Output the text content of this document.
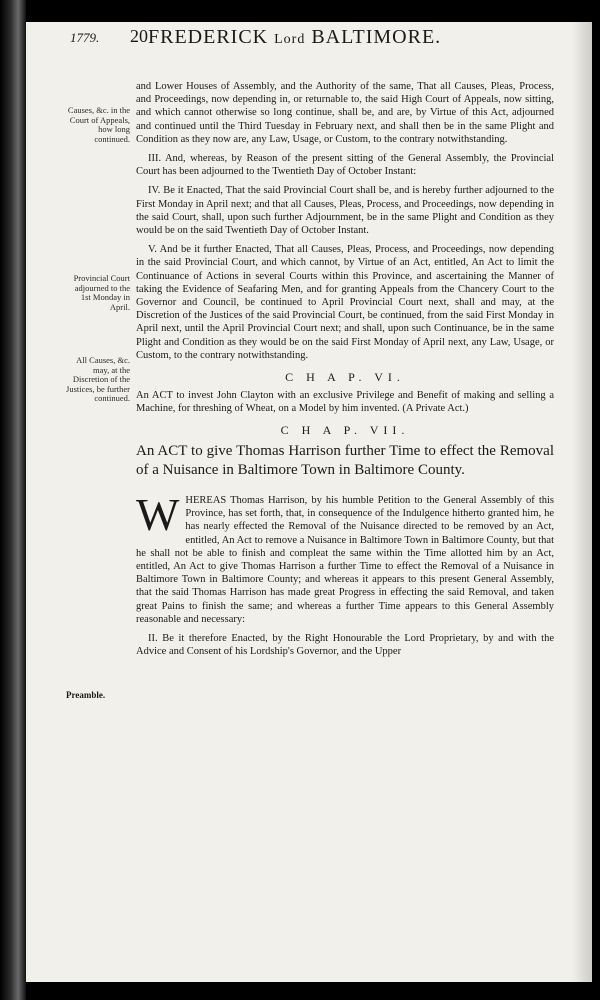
1779. 20 FREDERICK Lord BALTIMORE.
Causes, &c. in the Court of Appeals, how long continued.
Provincial Court adjourned to the 1st Monday in April.
All Causes, &c. may, at the Discretion of the Justices, be further continued.
Preamble.

and Lower Houses of Assembly, and the Authority of the same, That all Causes, Pleas, Process, and Proceedings, now depending in, or returnable to, the said High Court of Appeals, now sitting, and which cannot otherwise so long continue, shall be, and are, by Virtue of this Act, adjourned and continued until the Third Tuesday in February next, and shall then be in the same Plight and Condition as they now are, any Law, Usage, or Custom, to the contrary notwithstanding.

III. And, whereas, by Reason of the present sitting of the General Assembly, the Provincial Court has been adjourned to the Twentieth Day of October Instant:

IV. Be it Enacted, That the said Provincial Court shall be, and is hereby further adjourned to the First Monday in April next; and that all Causes, Pleas, Process, and Proceedings, now depending in the said Court, shall, upon such further Adjournment, be in the same Plight and Condition as they would be on the said Twentieth Day of October Instant.

V. And be it further Enacted, That all Causes, Pleas, Process, and Proceedings, now depending in the said Provincial Court, and which cannot, by Virtue of an Act, entitled, An Act to limit the Continuance of Actions in several Courts within this Province, and ascertaining the Manner of taking the Evidence of Seafaring Men, and for granting Appeals from the Chancery Court to the Governor and Council, be continued to April Provincial Court next, shall and may, at the Discretion of the Justices of the said Provincial Court, be continued, from the said First Monday in April next, until the April Provincial Court next; and shall, upon such Continuance, be in the same Plight and Condition as they would be on the said First Monday of April next, any Law, Usage, or Custom, to the contrary notwithstanding.

C H A P. VI.

An ACT to invest John Clayton with an exclusive Privilege and Benefit of making and selling a Machine, for threshing of Wheat, on a Model by him invented. (A Private Act.)

C H A P. VII.

An ACT to give Thomas Harrison further Time to effect the Removal of a Nuisance in Baltimore Town in Baltimore County.

WHEREAS Thomas Harrison, by his humble Petition to the General Assembly of this Province, has set forth, that, in consequence of the Indulgence hitherto granted him, he has nearly effected the Removal of the Nuisance directed to be removed by an Act, entitled, An Act to remove a Nuisance in Baltimore Town in Baltimore County, but that he shall not be able to finish and compleat the same within the Time allotted him by an Act, entitled, An Act to give Thomas Harrison a further Time to effect the Removal of a Nuisance in Baltimore Town in Baltimore County; and whereas it appears to this present General Assembly, that the said Thomas Harrison has made great Progress in effecting the said Removal, and taken great Pains to finish the same; and whereas a further Time appears to this General Assembly reasonable and necessary:

II. Be it therefore Enacted, by the Right Honourable the Lord Proprietary, by and with the Advice and Consent of his Lordship's Governor, and the Upper
